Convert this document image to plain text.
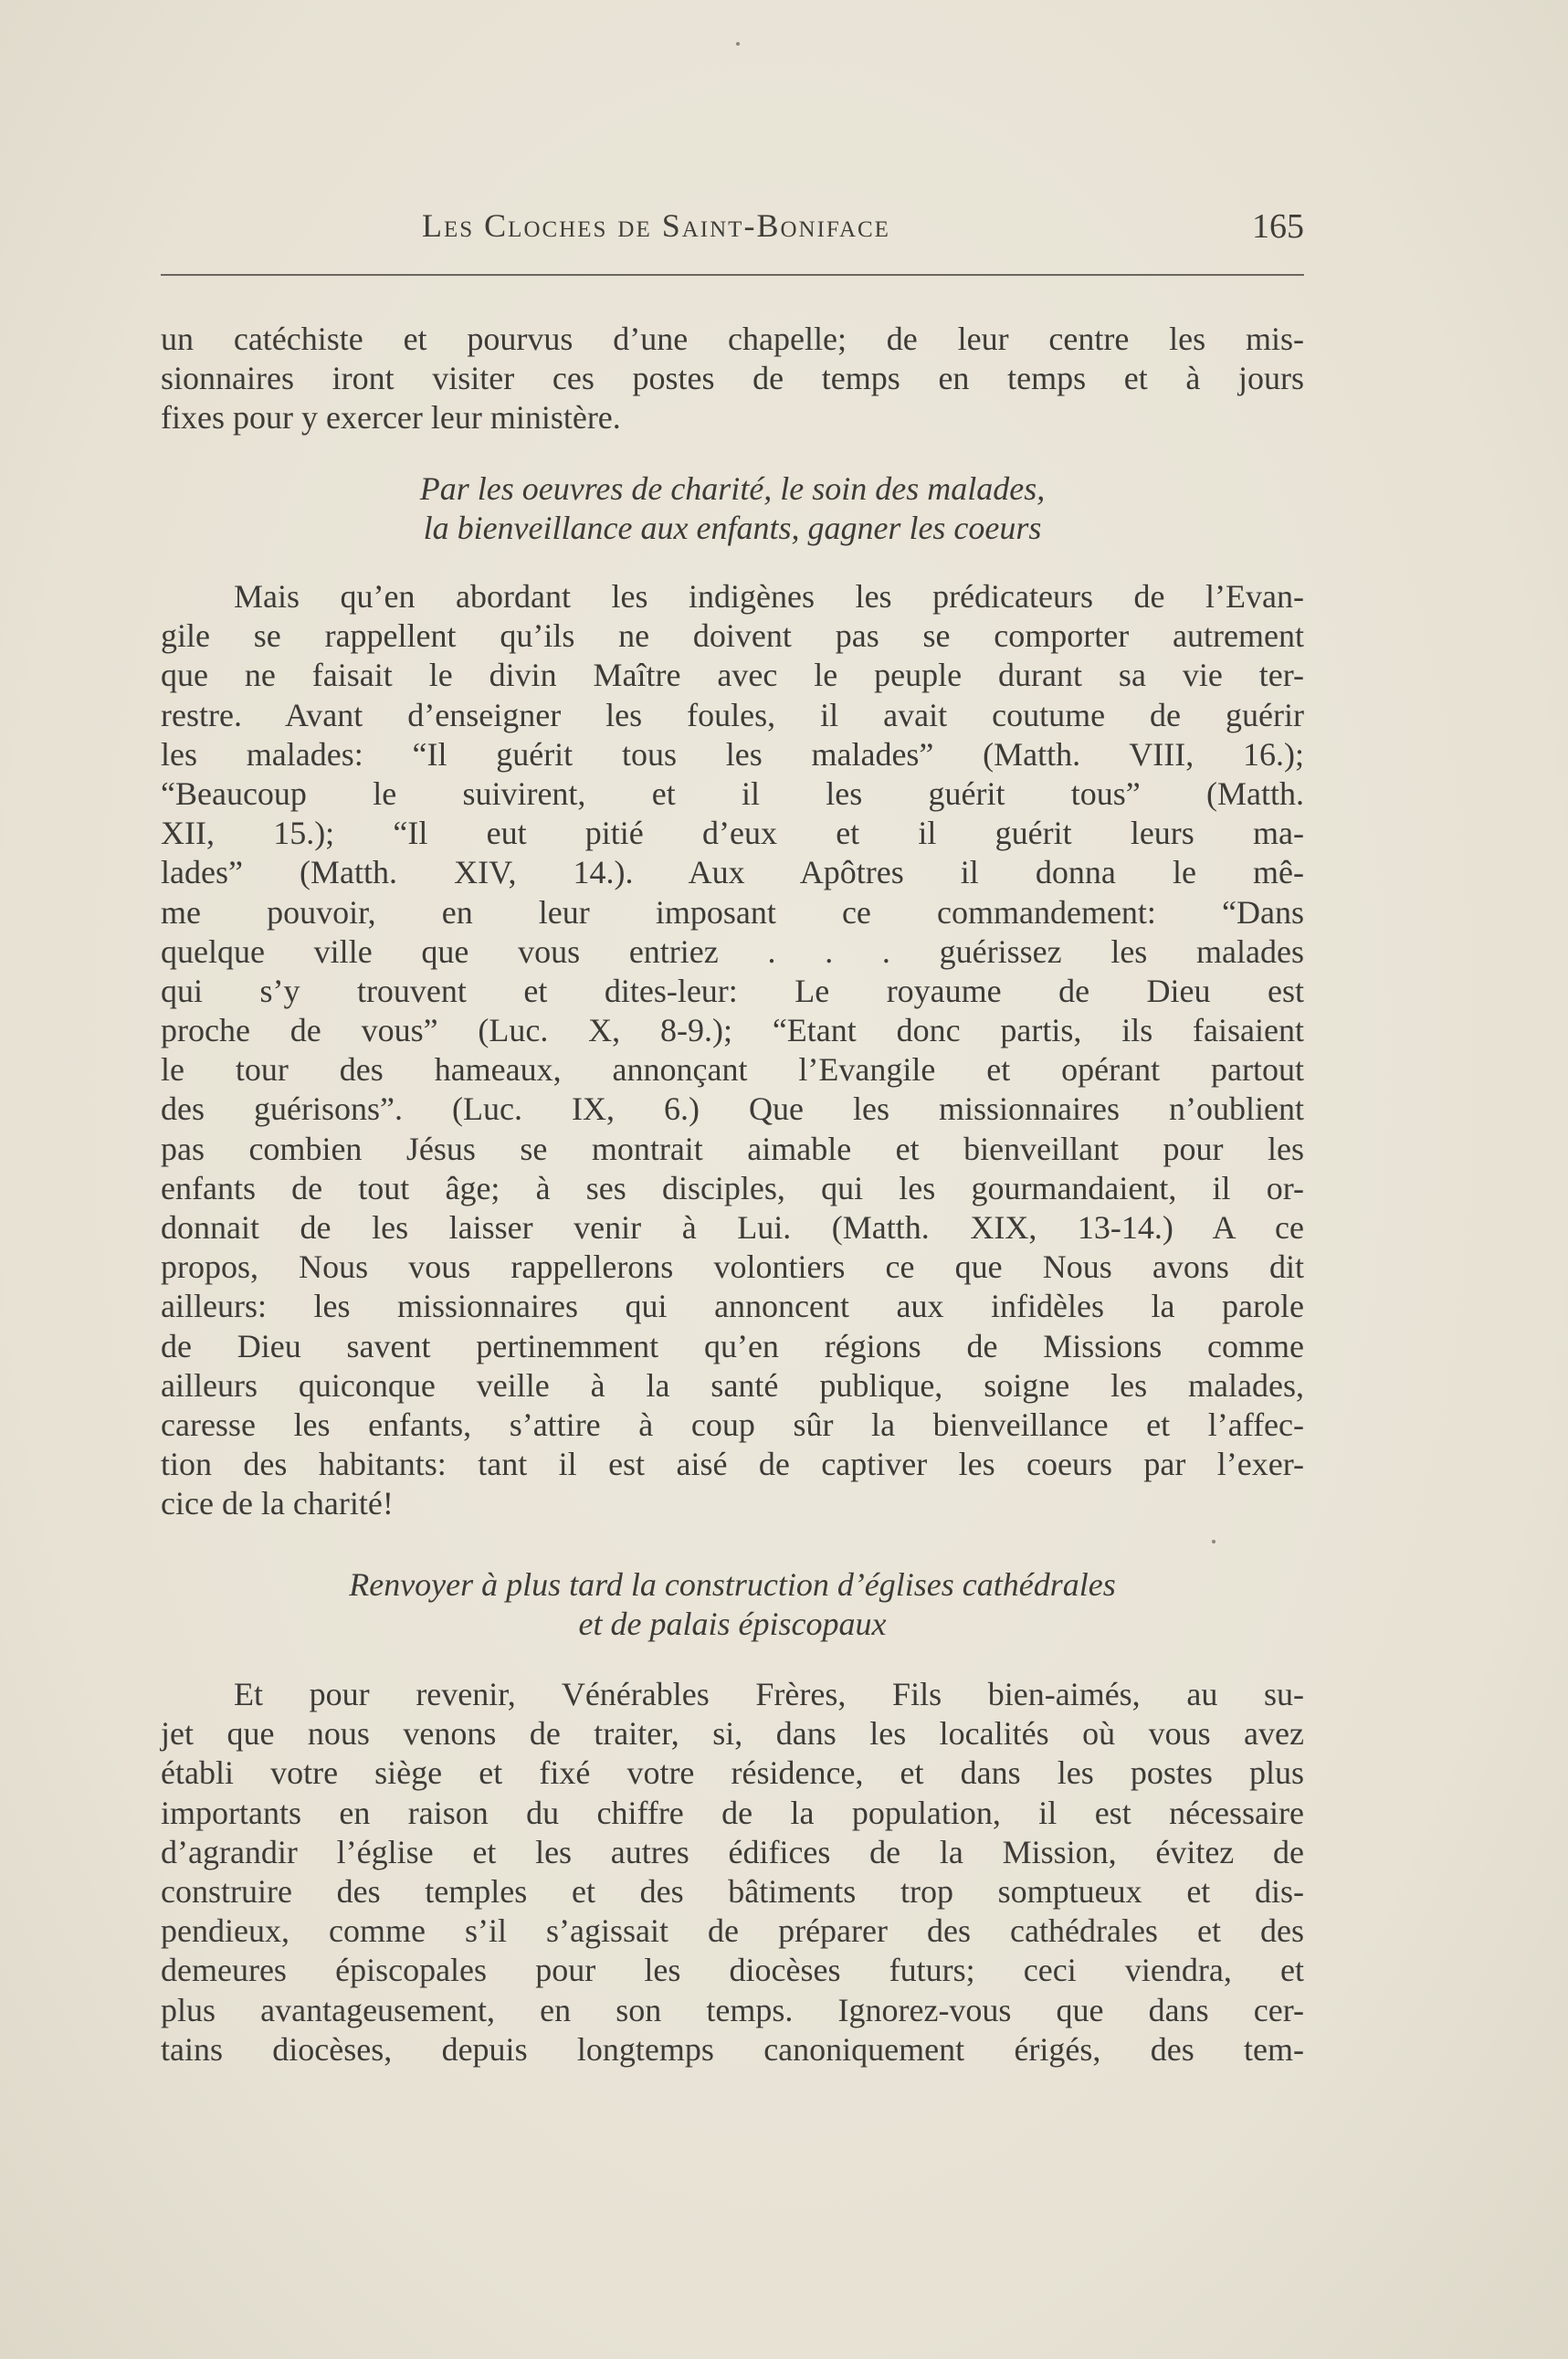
Les Cloches de Saint-Boniface	165
un catéchiste et pourvus d’une chapelle; de leur centre les mis-
sionnaires iront visiter ces postes de temps en temps et à jours
fixes pour y exercer leur ministère.
Par les oeuvres de charité, le soin des malades,
la bienveillance aux enfants, gagner les coeurs
Mais qu’en abordant les indigènes les prédicateurs de l’Evan-
gile se rappellent qu’ils ne doivent pas se comporter autrement
que ne faisait le divin Maître avec le peuple durant sa vie ter-
restre. Avant d’enseigner les foules, il avait coutume de guérir
les malades: “Il guérit tous les malades” (Matth. VIII, 16.);
“Beaucoup le suivirent, et il les guérit tous” (Matth.
XII, 15.); “Il eut pitié d’eux et il guérit leurs ma-
lades” (Matth. XIV, 14.). Aux Apôtres il donna le mê-
me pouvoir, en leur imposant ce commandement: “Dans
quelque ville que vous entriez . . . guérissez les malades
qui s’y trouvent et dites-leur: Le royaume de Dieu est
proche de vous” (Luc. X, 8-9.); “Etant donc partis, ils faisaient
le tour des hameaux, annonçant l’Evangile et opérant partout
des guérisons”. (Luc. IX, 6.) Que les missionnaires n’oublient
pas combien Jésus se montrait aimable et bienveillant pour les
enfants de tout âge; à ses disciples, qui les gourmandaient, il or-
donnait de les laisser venir à Lui. (Matth. XIX, 13-14.) A ce
propos, Nous vous rappellerons volontiers ce que Nous avons dit
ailleurs: les missionnaires qui annoncent aux infidèles la parole
de Dieu savent pertinemment qu’en régions de Missions comme
ailleurs quiconque veille à la santé publique, soigne les malades,
caresse les enfants, s’attire à coup sûr la bienveillance et l’affec-
tion des habitants: tant il est aisé de captiver les coeurs par l’exer-
cice de la charité!
Renvoyer à plus tard la construction d’églises cathédrales
et de palais épiscopaux
Et pour revenir, Vénérables Frères, Fils bien-aimés, au su-
jet que nous venons de traiter, si, dans les localités où vous avez
établi votre siège et fixé votre résidence, et dans les postes plus
importants en raison du chiffre de la population, il est nécessaire
d’agrandir l’église et les autres édifices de la Mission, évitez de
construire des temples et des bâtiments trop somptueux et dis-
pendieux, comme s’il s’agissait de préparer des cathédrales et des
demeures épiscopales pour les diocèses futurs; ceci viendra, et
plus avantageusement, en son temps. Ignorez-vous que dans cer-
tains diocèses, depuis longtemps canoniquement érigés, des tem-
